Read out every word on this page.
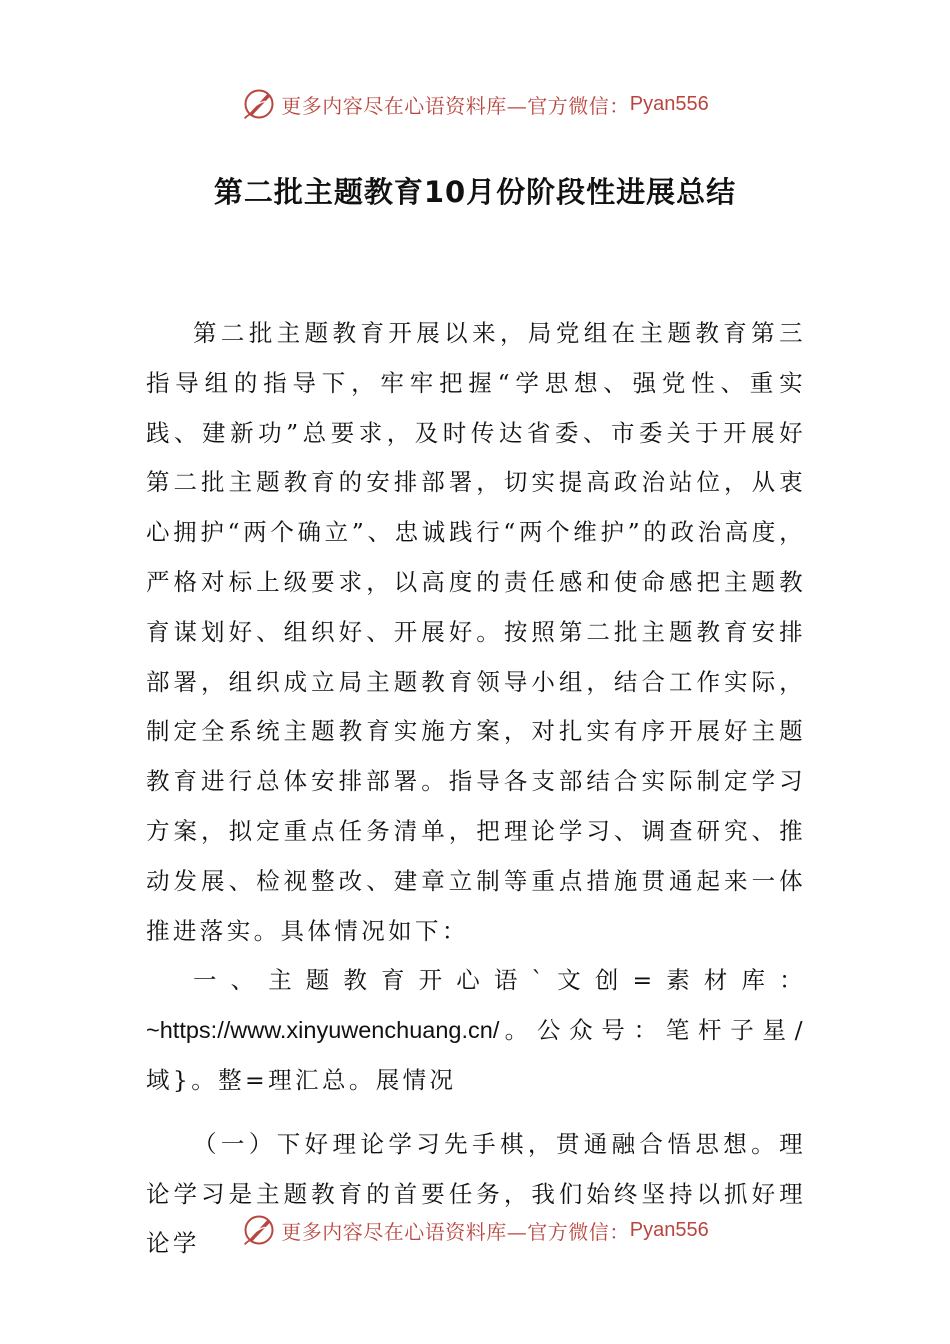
更多内容尽在心语资料库—官方微信： Pyan556
第二批主题教育10月份阶段性进展总结

第二批主题教育开展以来，局党组在主题教育第三指导组的指导下，牢牢把握“学思想、强党性、重实践、建新功”总要求，及时传达省委、市委关于开展好第二批主题教育的安排部署，切实提高政治站位，从衷心拥护“两个确立”、忠诚践行“两个维护”的政治高度，严格对标上级要求，以高度的责任感和使命感把主题教育谋划好、组织好、开展好。按照第二批主题教育安排部署，组织成立局主题教育领导小组，结合工作实际，制定全系统主题教育实施方案，对扎实有序开展好主题教育进行总体安排部署。指导各支部结合实际制定学习方案，拟定重点任务清单，把理论学习、调查研究、推动发展、检视整改、建章立制等重点措施贯通起来一体推进落实。具体情况如下：

一、主题教育开心语`文创=素材库：~https://www.xinyuwenchuang.cn/。公众号：笔杆子星/域}。整=理汇总。展情况

（一）下好理论学习先手棋，贯通融合悟思想。理论学习是主题教育的首要任务，我们始终坚持以抓好理论学	更多内容尽在心语资料库—官方微信： Pyan556
